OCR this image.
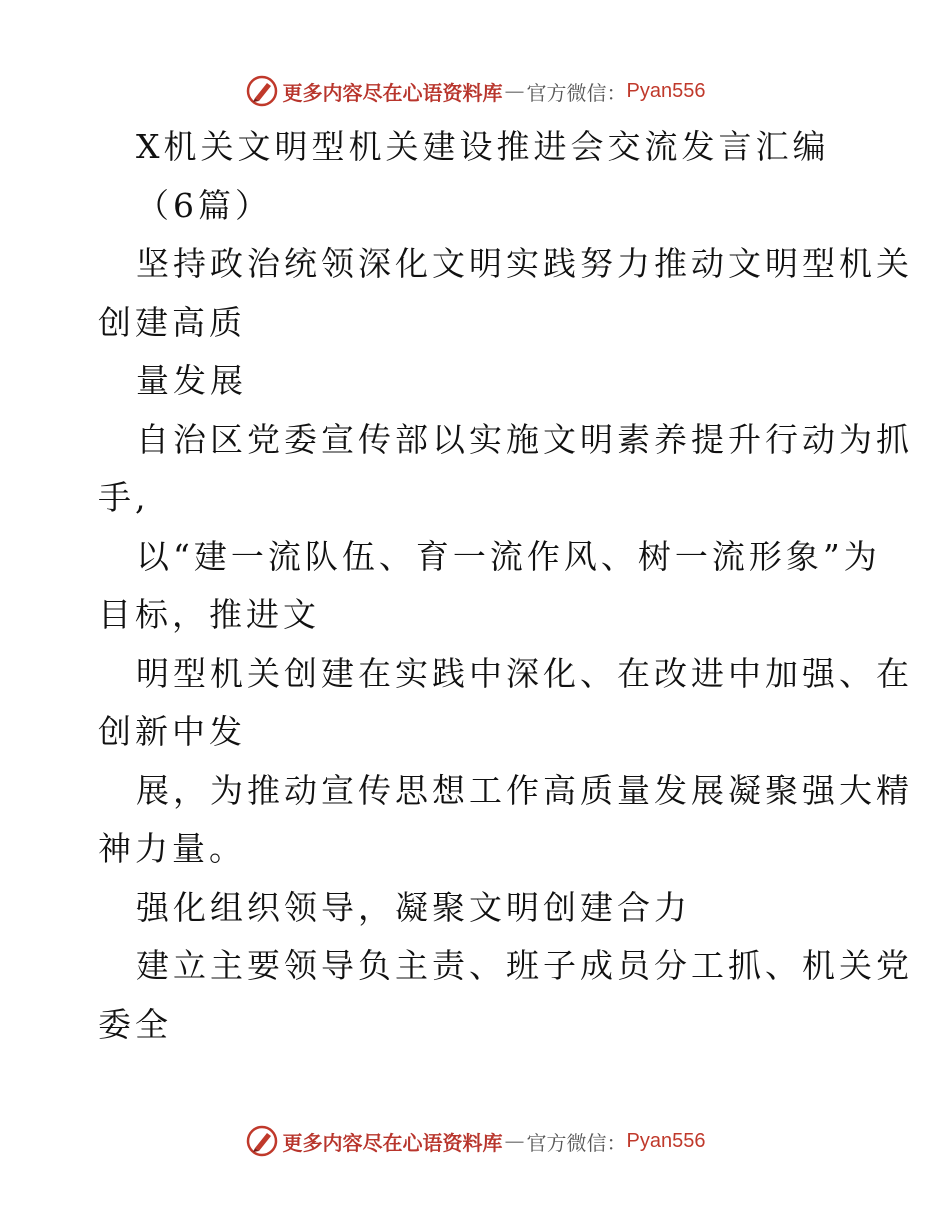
更多内容尽在心语资料库 — 官方微信： Pyan556
X机关文明型机关建设推进会交流发言汇编
（6篇）
坚持政治统领深化文明实践努力推动文明型机关
创建高质
量发展
自治区党委宣传部以实施文明素养提升行动为抓
手,
以“建一流队伍、育一流作风、树一流形象”为
目标，推进文
明型机关创建在实践中深化、在改进中加强、在
创新中发
展，为推动宣传思想工作高质量发展凝聚强大精
神力量。
强化组织领导，凝聚文明创建合力
建立主要领导负主责、班子成员分工抓、机关党
委全
更多内容尽在心语资料库 — 官方微信： Pyan556
